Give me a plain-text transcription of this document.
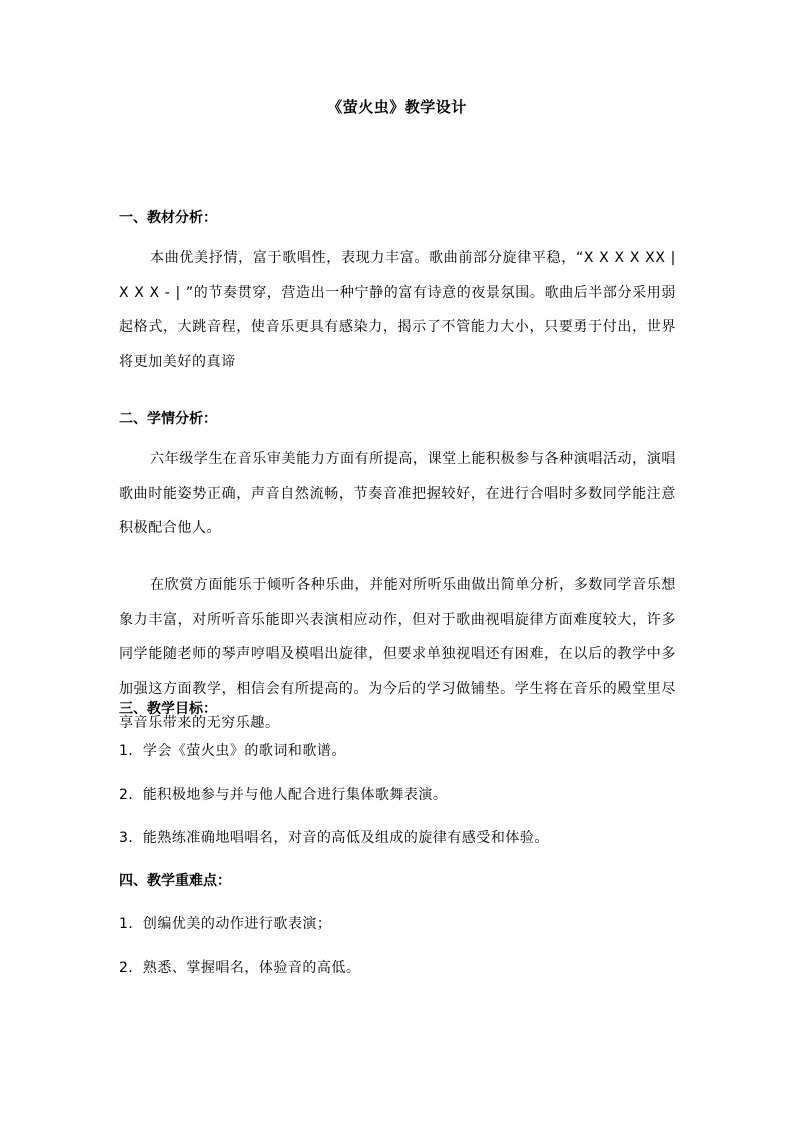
《萤火虫》教学设计
一、教材分析：
本曲优美抒情，富于歌唱性，表现力丰富。歌曲前部分旋律平稳，“X X X X XX | X X X - | ”的节奏贯穿，营造出一种宁静的富有诗意的夜景氛围。歌曲后半部分采用弱起格式，大跳音程，使音乐更具有感染力，揭示了不管能力大小，只要勇于付出，世界将更加美好的真谛
二、学情分析：
六年级学生在音乐审美能力方面有所提高，课堂上能积极参与各种演唱活动，演唱歌曲时能姿势正确，声音自然流畅，节奏音准把握较好，在进行合唱时多数同学能注意积极配合他人。
在欣赏方面能乐于倾听各种乐曲，并能对所听乐曲做出简单分析，多数同学音乐想象力丰富，对所听音乐能即兴表演相应动作，但对于歌曲视唱旋律方面难度较大，许多同学能随老师的琴声哼唱及模唱出旋律，但要求单独视唱还有困难，在以后的教学中多加强这方面教学，相信会有所提高的。为今后的学习做铺垫。学生将在音乐的殿堂里尽享音乐带来的无穷乐趣。
三、教学目标：
1．学会《萤火虫》的歌词和歌谱。
2．能积极地参与并与他人配合进行集体歌舞表演。
3．能熟练准确地唱唱名，对音的高低及组成的旋律有感受和体验。
四、教学重难点：
1．创编优美的动作进行歌表演；
2．熟悉、掌握唱名，体验音的高低。
